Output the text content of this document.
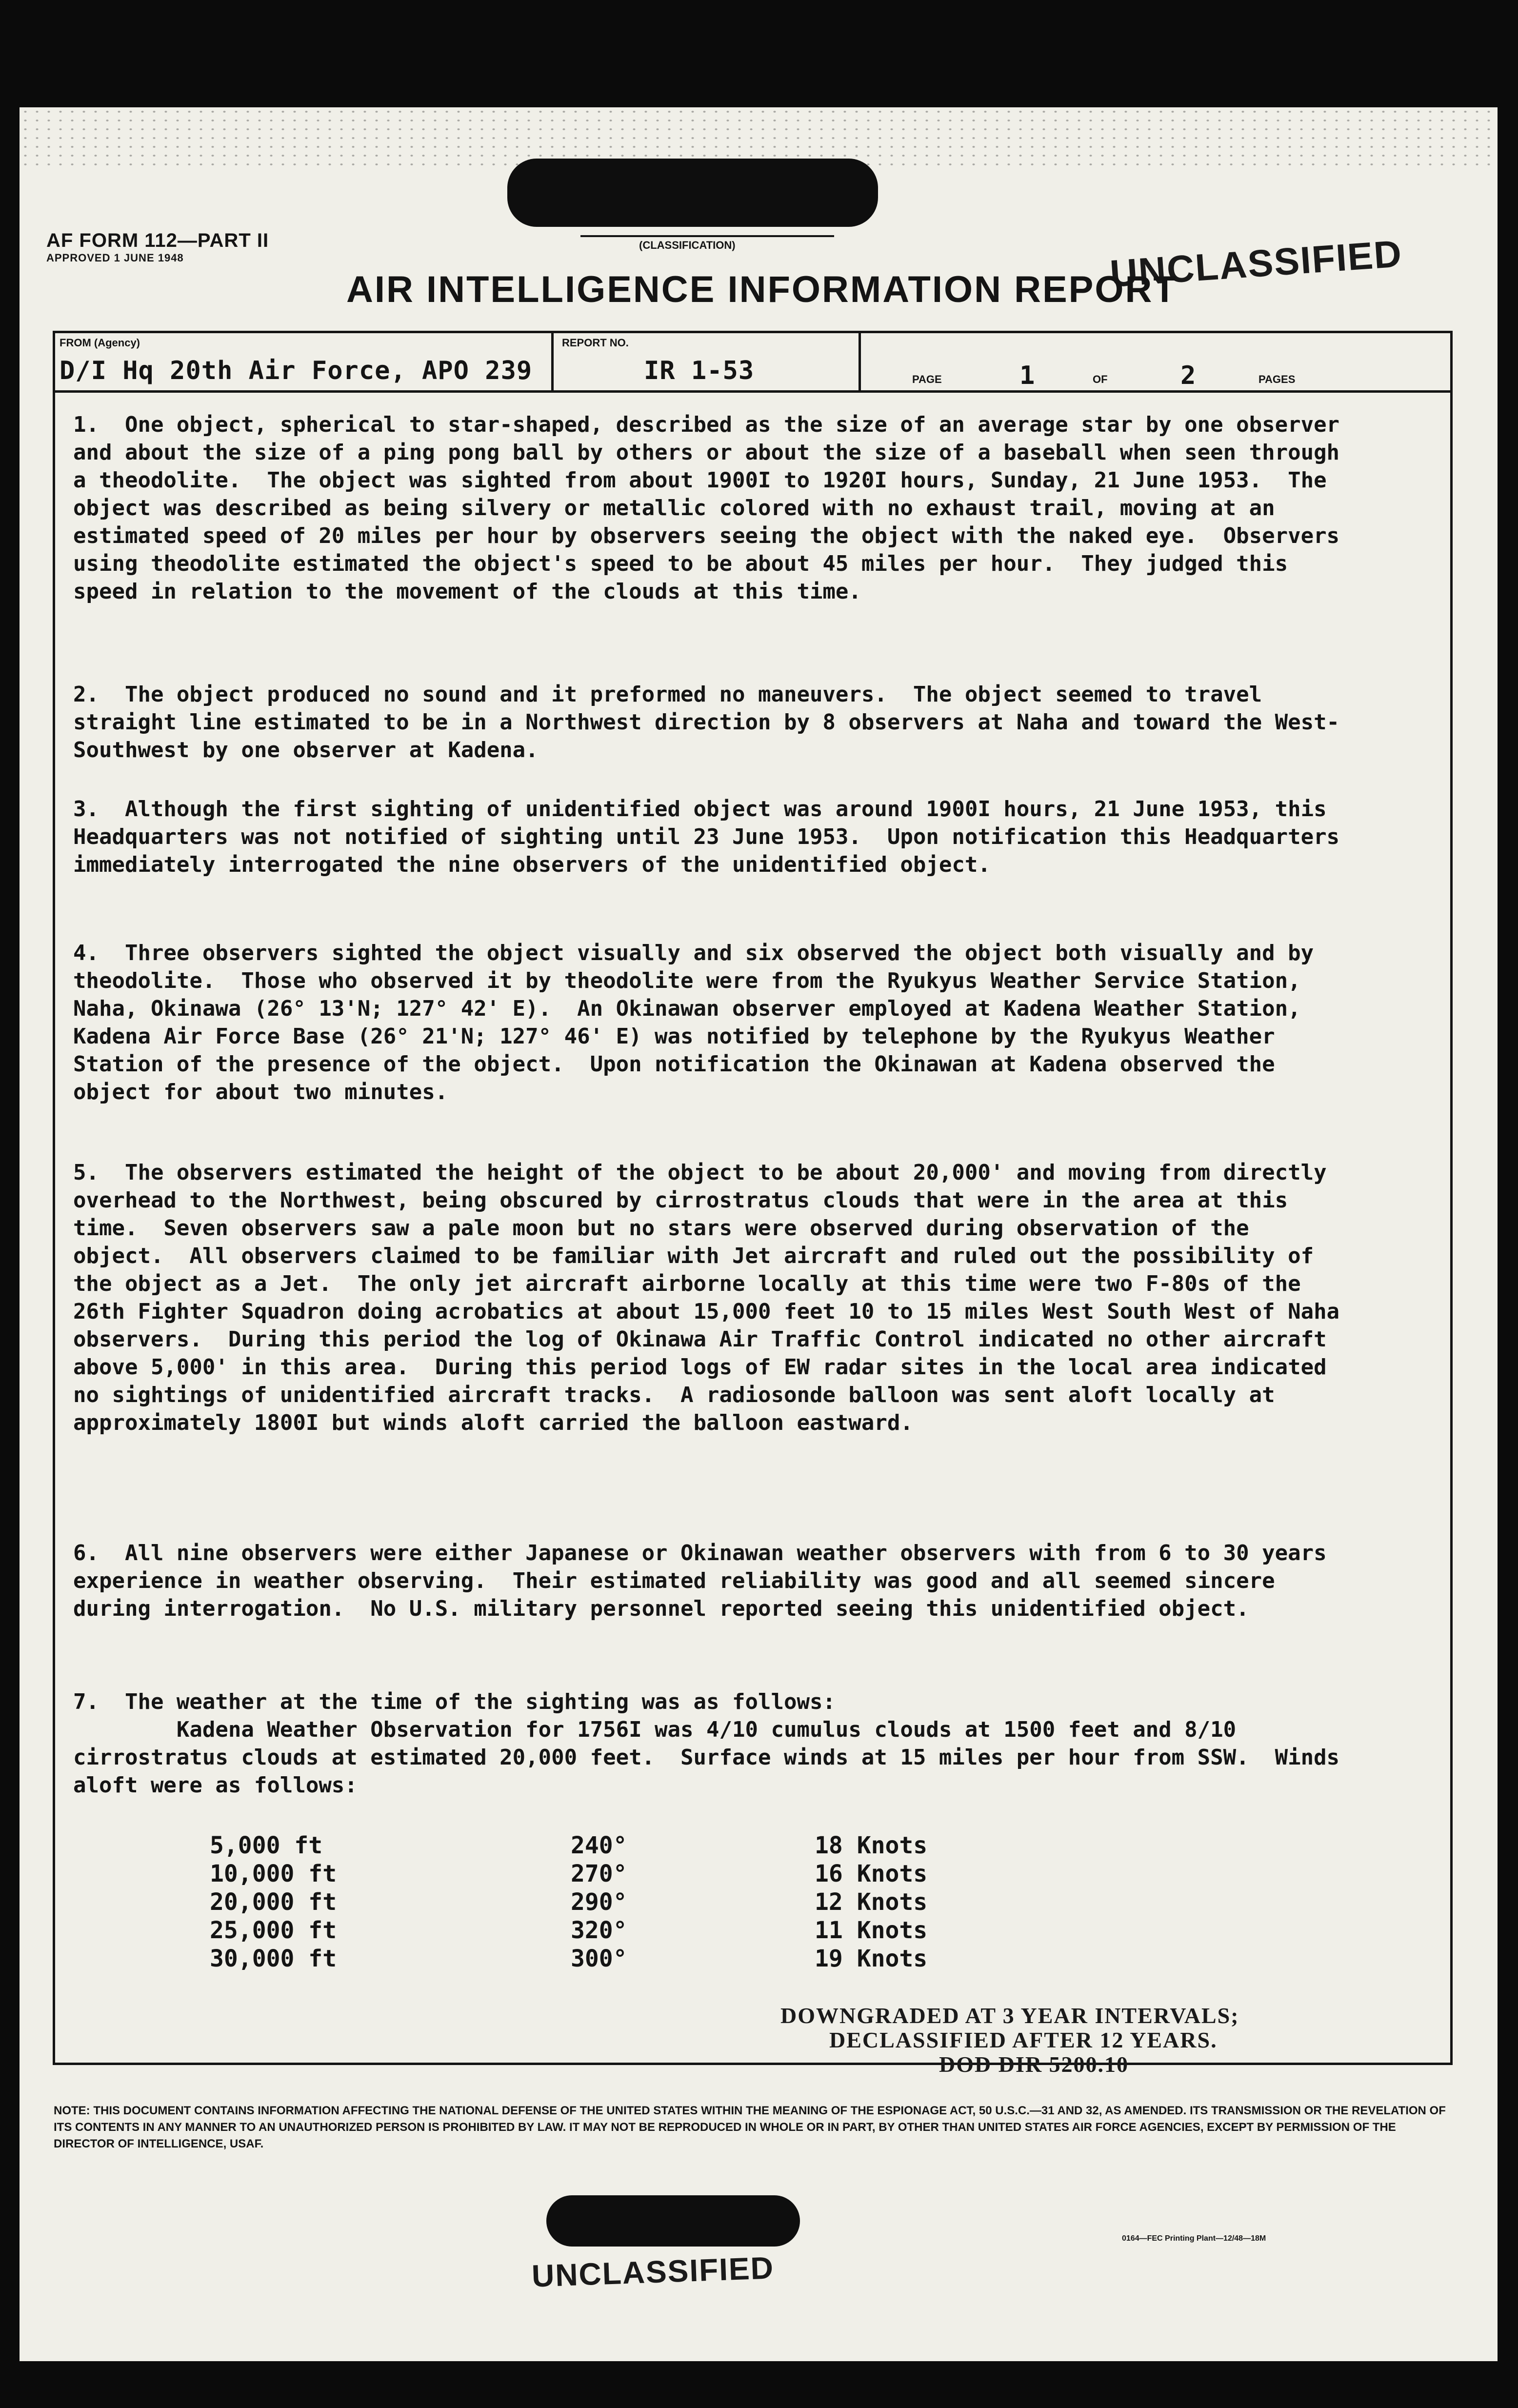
AF FORM 112—PART II
APPROVED 1 JUNE 1948
(CLASSIFICATION)	UNCLASSIFIED
AIR INTELLIGENCE INFORMATION REPORT
FROM (Agency)
D/I Hq 20th Air Force, APO 239
REPORT NO.
IR 1-53	PAGE	1	OF	2	PAGES
1.  One object, spherical to star-shaped, described as the size of an average star by one observer and about the size of a ping pong ball by others or about the size of a baseball when seen through a theodolite.  The object was sighted from about 1900I to 1920I hours, Sunday, 21 June 1953.  The object was described as being silvery or metallic colored with no exhaust trail, moving at an estimated speed of 20 miles per hour by observers seeing the object with the naked eye.  Observers using theodolite estimated the object's speed to be about 45 miles per hour.  They judged this speed in relation to the movement of the clouds at this time.
2.  The object produced no sound and it preformed no maneuvers.  The object seemed to travel straight line estimated to be in a Northwest direction by 8 observers at Naha and toward the West-Southwest by one observer at Kadena.
3.  Although the first sighting of unidentified object was around 1900I hours, 21 June 1953, this Headquarters was not notified of sighting until 23 June 1953.  Upon notification this Headquarters immediately interrogated the nine observers of the unidentified object.
4.  Three observers sighted the object visually and six observed the object both visually and by theodolite.  Those who observed it by theodolite were from the Ryukyus Weather Service Station, Naha, Okinawa (26° 13'N; 127° 42' E).  An Okinawan observer employed at Kadena Weather Station, Kadena Air Force Base (26° 21'N; 127° 46' E) was notified by telephone by the Ryukyus Weather Station of the presence of the object.  Upon notification the Okinawan at Kadena observed the object for about two minutes.
5.  The observers estimated the height of the object to be about 20,000' and moving from directly overhead to the Northwest, being obscured by cirrostratus clouds that were in the area at this time.  Seven observers saw a pale moon but no stars were observed during observation of the object.  All observers claimed to be familiar with Jet aircraft and ruled out the possibility of the object as a Jet.  The only jet aircraft airborne locally at this time were two F-80s of the 26th Fighter Squadron doing acrobatics at about 15,000 feet 10 to 15 miles West South West of Naha observers.  During this period the log of Okinawa Air Traffic Control indicated no other aircraft above 5,000' in this area.  During this period logs of EW radar sites in the local area indicated no sightings of unidentified aircraft tracks.  A radiosonde balloon was sent aloft locally at approximately 1800I but winds aloft carried the balloon eastward.
6.  All nine observers were either Japanese or Okinawan weather observers with from 6 to 30 years experience in weather observing.  Their estimated reliability was good and all seemed sincere during interrogation.  No U.S. military personnel reported seeing this unidentified object.
7.  The weather at the time of the sighting was as follows:
Kadena Weather Observation for 1756I was 4/10 cumulus clouds at 1500 feet and 8/10 cirrostratus clouds at estimated 20,000 feet.  Surface winds at 15 miles per hour from SSW.  Winds aloft were as follows:
5,000 ft	240°	18 Knots
10,000 ft	270°	16 Knots
20,000 ft	290°	12 Knots
25,000 ft	320°	11 Knots
30,000 ft	300°	19 Knots
DOWNGRADED AT 3 YEAR INTERVALS;
DECLASSIFIED AFTER 12 YEARS.
DOD DIR 5200.10
NOTE: THIS DOCUMENT CONTAINS INFORMATION AFFECTING THE NATIONAL DEFENSE OF THE UNITED STATES WITHIN THE MEANING OF THE ESPIONAGE ACT, 50 U.S.C.—31 AND 32, AS AMENDED. ITS TRANSMISSION OR THE REVELATION OF ITS CONTENTS IN ANY MANNER TO AN UNAUTHORIZED PERSON IS PROHIBITED BY LAW. IT MAY NOT BE REPRODUCED IN WHOLE OR IN PART, BY OTHER THAN UNITED STATES AIR FORCE AGENCIES, EXCEPT BY PERMISSION OF THE DIRECTOR OF INTELLIGENCE, USAF.
UNCLASSIFIED
0164—FEC Printing Plant—12/48—18M
